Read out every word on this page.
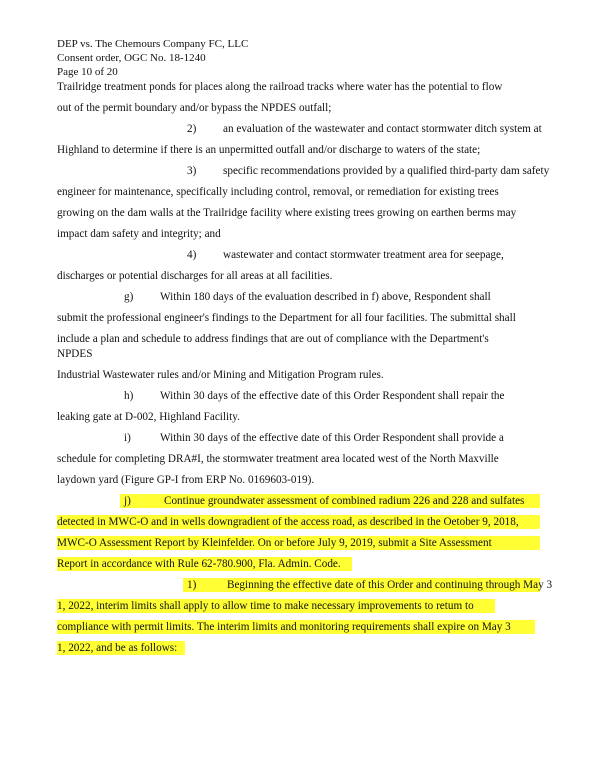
DEP vs. The Chemours Company FC, LLC
Consent order, OGC No. 18-1240
Page 10 of 20
Trailridge treatment ponds for places along the railroad tracks where water has the potential to flow
out of the permit boundary and/or bypass the NPDES outfall;
2) an evaluation of the wastewater and contact stormwater ditch system at
Highland to determine if there is an unpermitted outfall and/or discharge to waters of the state;
3) specific recommendations provided by a qualified third-party dam safety
engineer for maintenance, specifically including control, removal, or remediation for existing trees
growing on the dam walls at the Trailridge facility where existing trees growing on earthen berms may
impact dam safety and integrity; and
4) wastewater and contact stormwater treatment area for seepage,
discharges or potential discharges for all areas at all facilities.
g) Within 180 days of the evaluation described in f) above, Respondent shall
submit the professional engineer's findings to the Department for all four facilities. The submittal shall
include a plan and schedule to address findings that are out of compliance with the Department's
NPDES
Industrial Wastewater rules and/or Mining and Mitigation Program rules.
h) Within 30 days of the effective date of this Order Respondent shall repair the
leaking gate at D-002, Highland Facility.
i)	Within 30 days of the effective date of this Order Respondent shall provide a
schedule for completing DRA#I, the stormwater treatment area located west of the North Maxville
laydown yard (Figure GP-I from ERP No. 0169603-019).
j)	Continue groundwater assessment of combined radium 226 and 228 and sulfates
detected in MWC-O and in wells downgradient of the access road, as described in the Oetober 9, 2018,
MWC-O Assessment Report by Kleinfelder. On or before July 9, 2019, submit a Site Assessment
Report in accordance with Rule 62-780.900, Fla. Admin. Code.
1)	Beginning the effective date of this Order and continuing through May 3
1, 2022, interim limits shall apply to allow time to make necessary improvements to retum to
compliance with permit limits. The interim limits and monitoring requirements shall expire on May 3
1, 2022, and be as follows:
